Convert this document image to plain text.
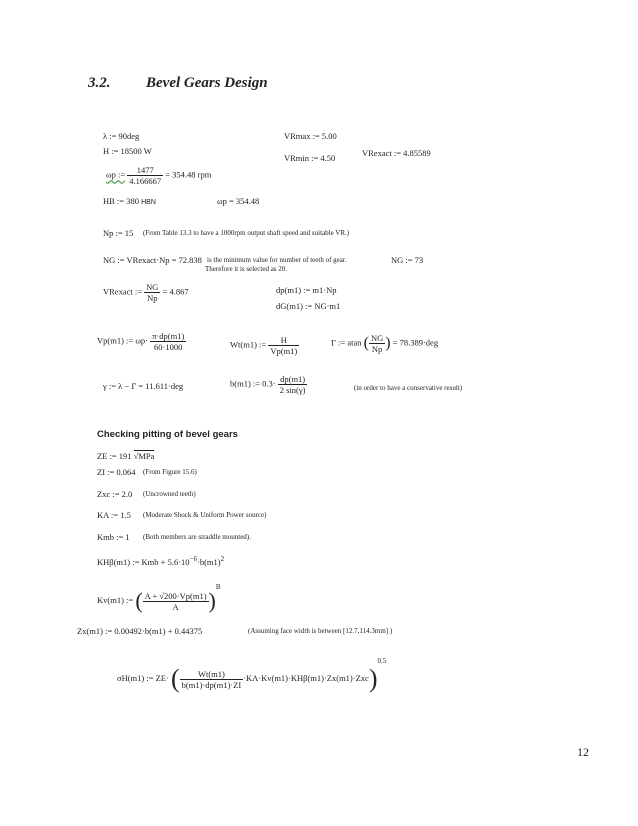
3.2. Bevel Gears Design
λ := 90deg	VRmax := 5.00
H := 18500 W
VRmin := 4.50	VRexact := 4.85589
ωp := $\frac{1477}{4.166667} = 354.48$ rpm
HB := 380 HBN	ωp = 354.48
Np := 15 (From Table 13.3 to have a 1000rpm output shaft speed and suitable VR.)
NG := VRexact·Np = 72.838 is the minimum value for number of teeth of gear.
Therefore it is selected as 20.
NG := 73
VRexact := $\frac{NG}{Np} = 4.867$	dp(m1) := m1·Np
dG(m1) := NG·m1
Vp(m1) := $\omega p\cdot \frac{\pi\cdot dp(m1)}{60\cdot 1000}$	Wt(m1) := $\frac{H}{Vp(m1)}$	Γ := atan ( $\frac{NG}{Np}$ ) = 78.389·deg
γ := λ − Γ = 11.611·deg	b(m1) := $0.3\cdot \frac{dp(m1)}{2 \sin(\gamma)}$	(in order to have a conservative result)
Checking pitting of bevel gears
ZE := 191 √MPa
ZI := 0.064 (From Figure 15.6)
Zxc := 2.0 (Uncrowned teeth)
KA := 1.5 (Moderate Shock & Uniform Power source)
Kmb := 1 (Both members are straddle mounted).
KHβ(m1) := Kmb + $5.6\cdot 10^{-6}\cdot b(m1)^2$
Kv(m1) := ( $\frac{A + √200\cdot Vp(m1)}{A} )^B$
Zx(m1) := 0.00492·b(m1) + 0.44375	(Assuming face width is between [12.7,114.3mm] )
σH(m1) := ZE· ( $\frac{Wt(m1)}{b(m1)\cdot dp(m1)\cdot ZI} \cdot KA\cdot Kv(m1)\cdot KH\beta(m1)\cdot Zx(m1)\cdot Zxc)^{0.5}$
12
